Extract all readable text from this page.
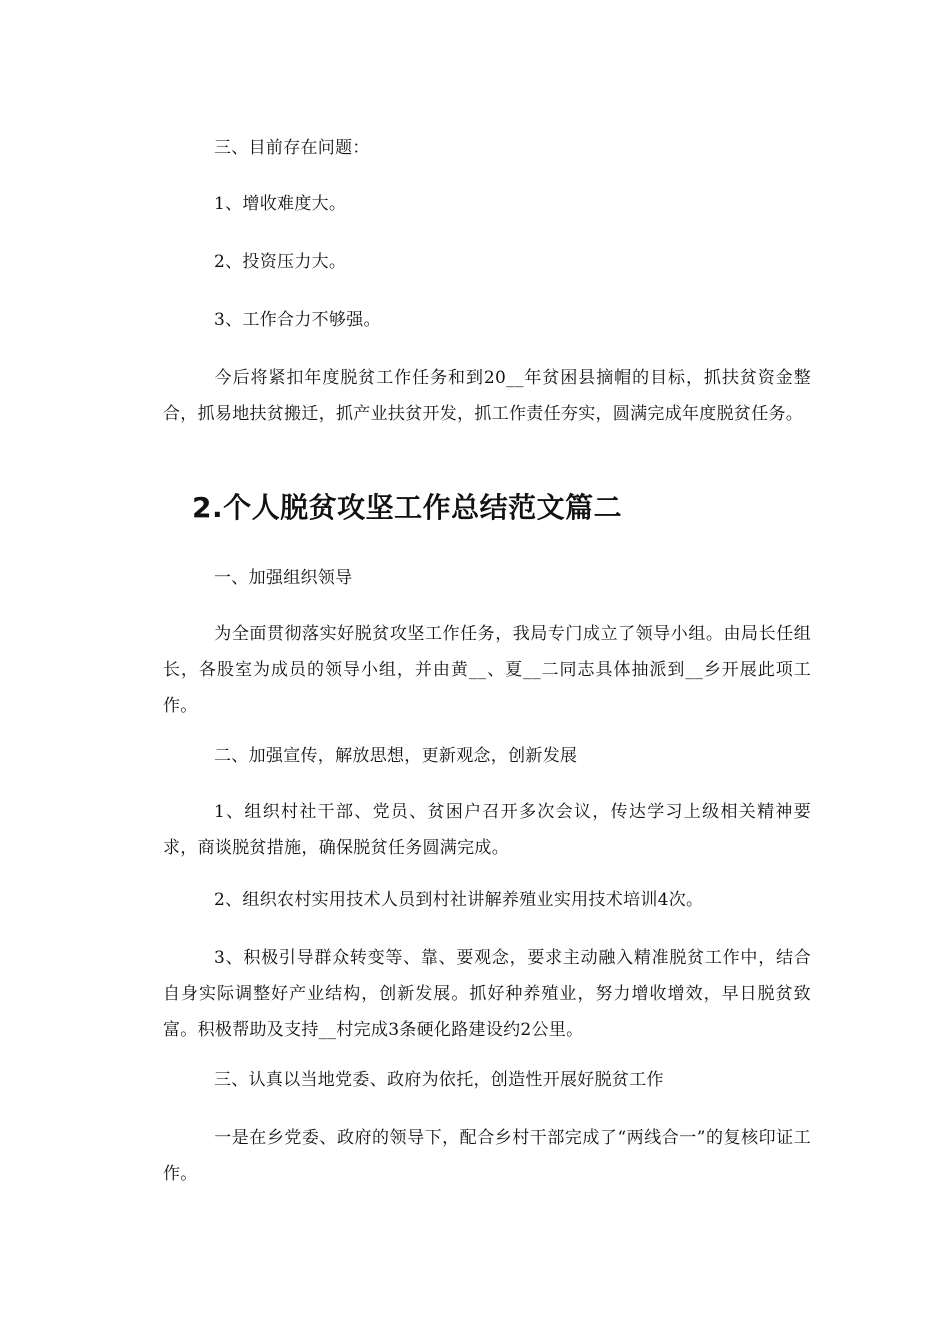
三、目前存在问题：

1、增收难度大。

2、投资压力大。

3、工作合力不够强。

今后将紧扣年度脱贫工作任务和到20__年贫困县摘帽的目标，抓扶贫资金整合，抓易地扶贫搬迁，抓产业扶贫开发，抓工作责任夯实，圆满完成年度脱贫任务。

2.个人脱贫攻坚工作总结范文篇二

一、加强组织领导

为全面贯彻落实好脱贫攻坚工作任务，我局专门成立了领导小组。由局长任组长，各股室为成员的领导小组，并由黄__、夏__二同志具体抽派到__乡开展此项工作。

二、加强宣传，解放思想，更新观念，创新发展

1、组织村社干部、党员、贫困户召开多次会议，传达学习上级相关精神要求，商谈脱贫措施，确保脱贫任务圆满完成。

2、组织农村实用技术人员到村社讲解养殖业实用技术培训4次。

3、积极引导群众转变等、靠、要观念，要求主动融入精准脱贫工作中，结合自身实际调整好产业结构，创新发展。抓好种养殖业，努力增收增效，早日脱贫致富。积极帮助及支持__村完成3条硬化路建设约2公里。

三、认真以当地党委、政府为依托，创造性开展好脱贫工作

一是在乡党委、政府的领导下，配合乡村干部完成了“两线合一”的复核印证工作。
